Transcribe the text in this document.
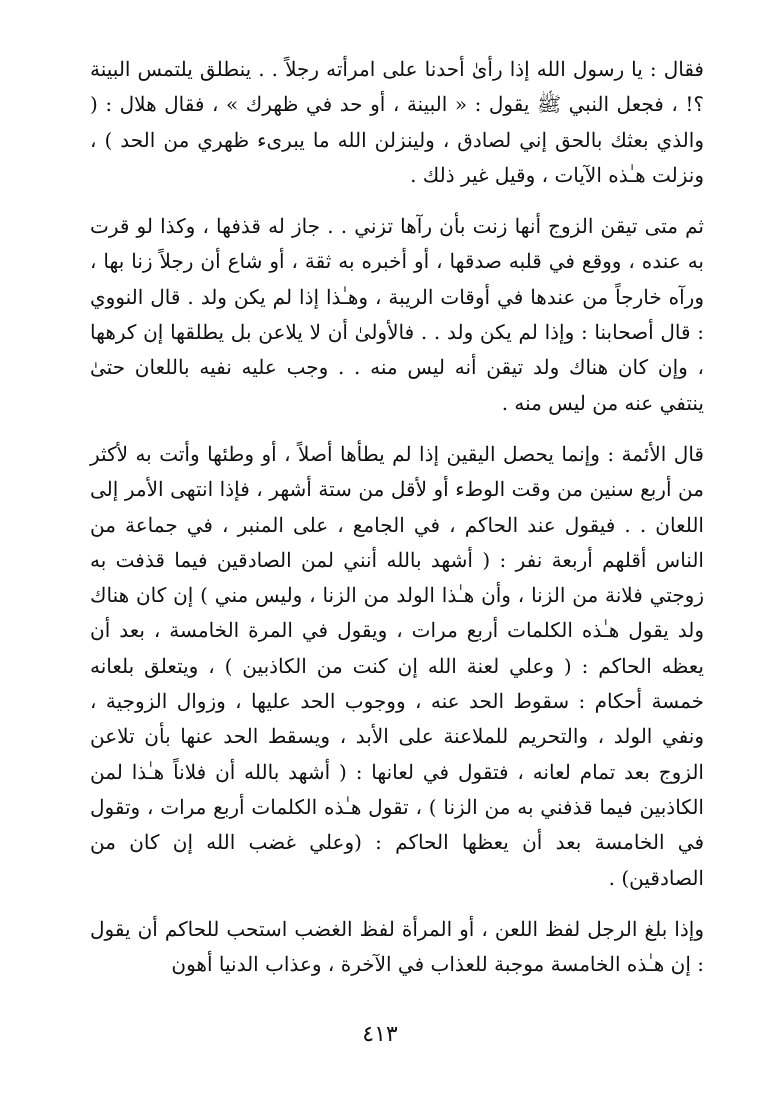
فقال : يا رسول الله إذا رأىٰ أحدنا على امرأته رجلاً . . ينطلق يلتمس البينة ؟! ، فجعل النبي ﷺ يقول : « البينة ، أو حد في ظهرك » ، فقال هلال : ( والذي بعثك بالحق إني لصادق ، ولينزلن الله ما يبرىء ظهري من الحد ) ، ونزلت هـٰذه الآيات ، وقيل غير ذلك .

ثم متى تيقن الزوج أنها زنت بأن رآها تزني . . جاز له قذفها ، وكذا لو قرت به عنده ، ووقع في قلبه صدقها ، أو أخبره به ثقة ، أو شاع أن رجلاً زنا بها ، ورآه خارجاً من عندها في أوقات الريبة ، وهـٰذا إذا لم يكن ولد . قال النووي : قال أصحابنا : وإذا لم يكن ولد . . فالأولىٰ أن لا يلاعن بل يطلقها إن كرهها ، وإن كان هناك ولد تيقن أنه ليس منه . . وجب عليه نفيه باللعان حتىٰ ينتفي عنه من ليس منه .

قال الأئمة : وإنما يحصل اليقين إذا لم يطأها أصلاً ، أو وطئها وأتت به لأكثر من أربع سنين من وقت الوطء أو لأقل من ستة أشهر ، فإذا انتهى الأمر إلى اللعان . . فيقول عند الحاكم ، في الجامع ، على المنبر ، في جماعة من الناس أقلهم أربعة نفر : ( أشهد بالله أنني لمن الصادقين فيما قذفت به زوجتي فلانة من الزنا ، وأن هـٰذا الولد من الزنا ، وليس مني ) إن كان هناك ولد يقول هـٰذه الكلمات أربع مرات ، ويقول في المرة الخامسة ، بعد أن يعظه الحاكم : ( وعلي لعنة الله إن كنت من الكاذبين ) ، ويتعلق بلعانه خمسة أحكام : سقوط الحد عنه ، ووجوب الحد عليها ، وزوال الزوجية ، ونفي الولد ، والتحريم للملاعنة على الأبد ، ويسقط الحد عنها بأن تلاعن الزوج بعد تمام لعانه ، فتقول في لعانها : ( أشهد بالله أن فلاناً هـٰذا لمن الكاذبين فيما قذفني به من الزنا ) ، تقول هـٰذه الكلمات أربع مرات ، وتقول في الخامسة بعد أن يعظها الحاكم : (وعلي غضب الله إن كان من الصادقين) .

وإذا بلغ الرجل لفظ اللعن ، أو المرأة لفظ الغضب استحب للحاكم أن يقول : إن هـٰذه الخامسة موجبة للعذاب في الآخرة ، وعذاب الدنيا أهون

٤١٣
